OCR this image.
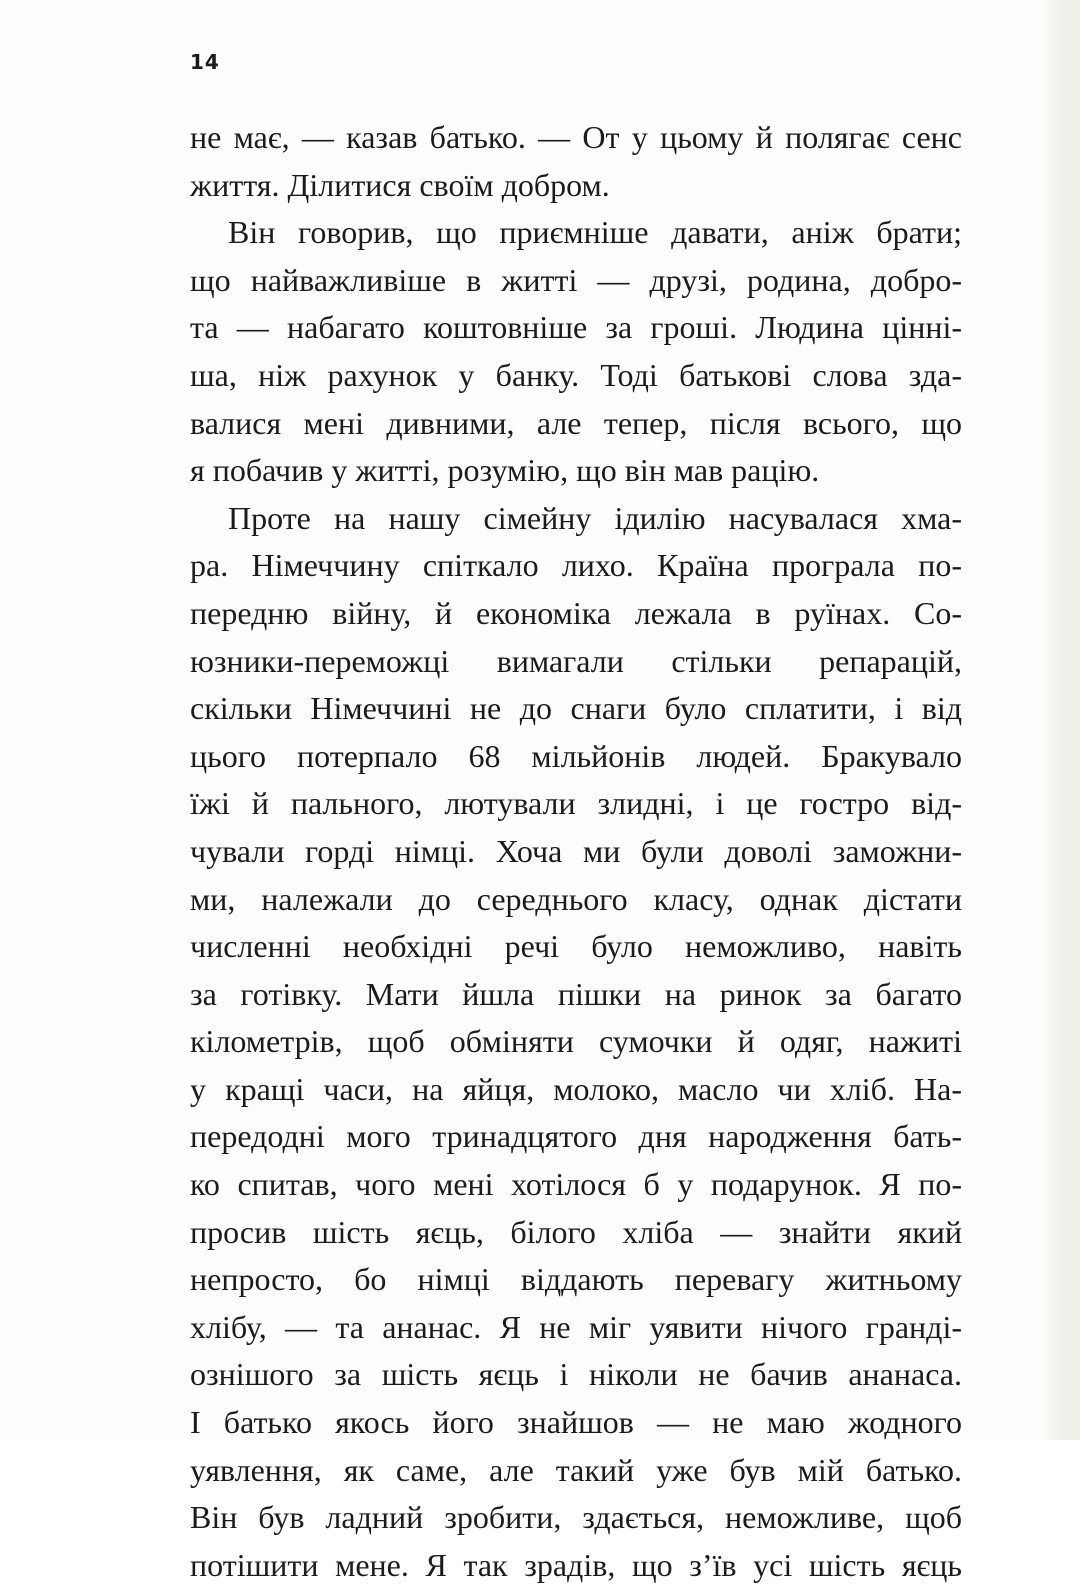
14
не має, — казав батько. — От у цьому й полягає сенс
життя. Ділитися своїм добром.
Він говорив, що приємніше давати, аніж брати;
що найважливіше в житті — друзі, родина, добро-
та — набагато коштовніше за гроші. Людина цінні-
ша, ніж рахунок у банку. Тоді батькові слова зда-
валися мені дивними, але тепер, після всього, що
я побачив у житті, розумію, що він мав рацію.
Проте на нашу сімейну ідилію насувалася хма-
ра. Німеччину спіткало лихо. Країна програла по-
передню війну, й економіка лежала в руїнах. Со-
юзники-переможці вимагали стільки репарацій,
скільки Німеччині не до снаги було сплатити, і від
цього потерпало 68 мільйонів людей. Бракувало
їжі й пального, лютували злидні, і це гостро від-
чували горді німці. Хоча ми були доволі заможни-
ми, належали до середнього класу, однак дістати
численні необхідні речі було неможливо, навіть
за готівку. Мати йшла пішки на ринок за багато
кілометрів, щоб обміняти сумочки й одяг, нажиті
у кращі часи, на яйця, молоко, масло чи хліб. На-
передодні мого тринадцятого дня народження бать-
ко спитав, чого мені хотілося б у подарунок. Я по-
просив шість яєць, білого хліба — знайти який
непросто, бо німці віддають перевагу житньому
хлібу, — та ананас. Я не міг уявити нічого гранді-
ознішого за шість яєць і ніколи не бачив ананаса.
І батько якось його знайшов — не маю жодного
уявлення, як саме, але такий уже був мій батько.
Він був ладний зробити, здається, неможливе, щоб
потішити мене. Я так зрадів, що з’їв усі шість яєць
